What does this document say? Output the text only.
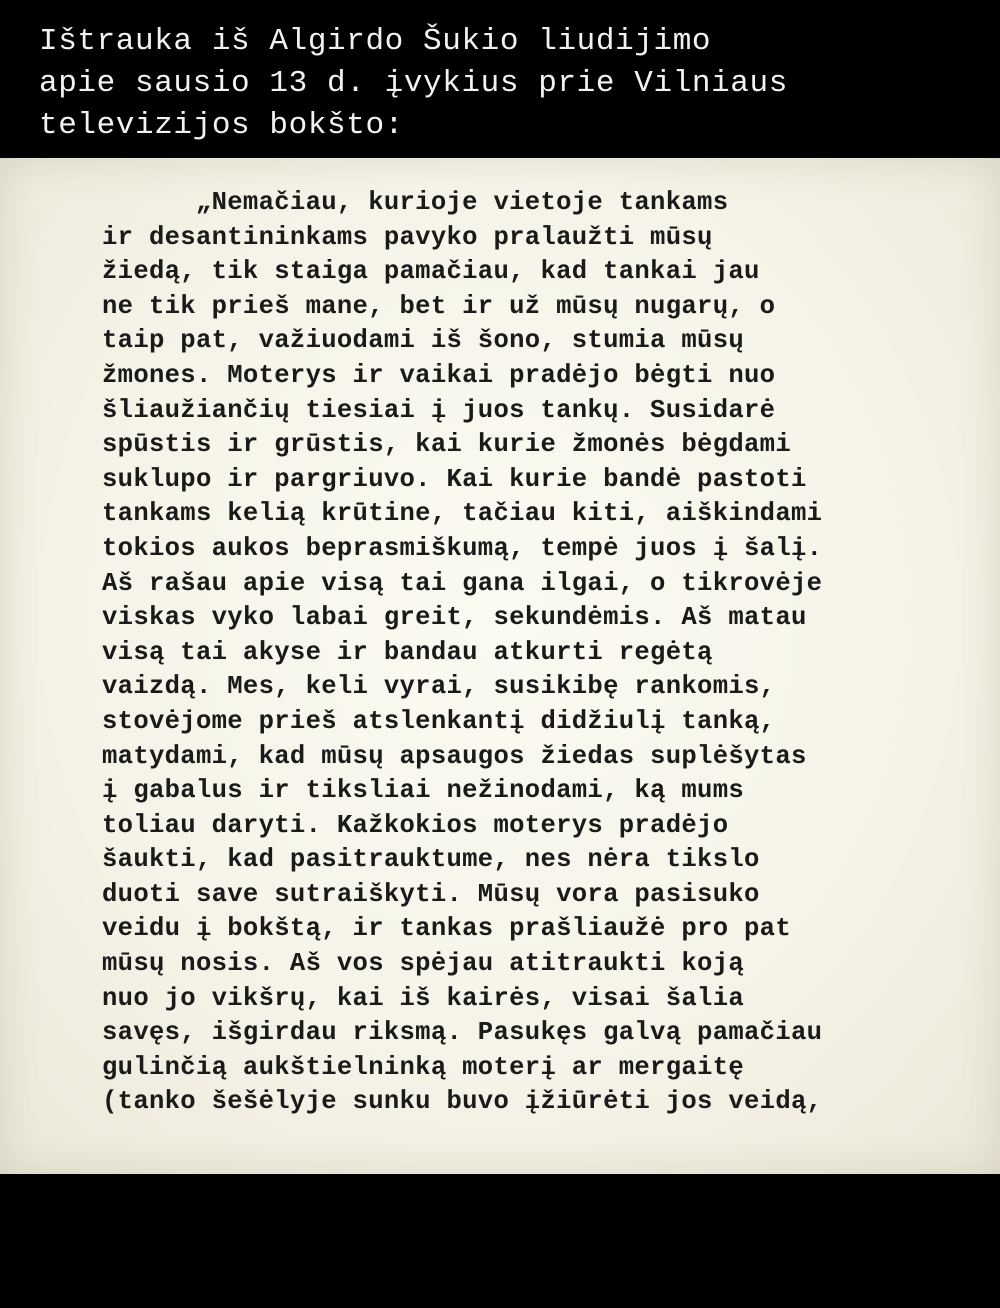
Ištrauka iš Algirdo Šukio liudijimo
apie sausio 13 d. įvykius prie Vilniaus
televizijos bokšto:
„Nemačiau, kurioje vietoje tankams
ir desantininkams pavyko pralaužti mūsų
žiedą, tik staiga pamačiau, kad tankai jau
ne tik prieš mane, bet ir už mūsų nugarų, o
taip pat, važiuodami iš šono, stumia mūsų
žmones. Moterys ir vaikai pradėjo bėgti nuo
šliaužiančių tiesiai į juos tankų. Susidarė
spūstis ir grūstis, kai kurie žmonės bėgdami
suklupo ir pargriuvo. Kai kurie bandė pastoti
tankams kelią krūtine, tačiau kiti, aiškindami
tokios aukos beprasmiškumą, tempė juos į šalį.
Aš rašau apie visą tai gana ilgai, o tikrovėje
viskas vyko labai greit, sekundėmis. Aš matau
visą tai akyse ir bandau atkurti regėtą
vaizdą. Mes, keli vyrai, susikibę rankomis,
stovėjome prieš atslenkantį didžiulį tanką,
matydami, kad mūsų apsaugos žiedas suplėšytas
į gabalus ir tiksliai nežinodami, ką mums
toliau daryti. Kažkokios moterys pradėjo
šaukti, kad pasitrauktume, nes nėra tikslo
duoti save sutraiškyti. Mūsų vora pasisuko
veidu į bokštą, ir tankas prašliaužė pro pat
mūsų nosis. Aš vos spėjau atitraukti koją
nuo jo vikšrų, kai iš kairės, visai šalia
savęs, išgirdau riksmą. Pasukęs galvą pamačiau
gulinčią aukštielninką moterį ar mergaitę
(tanko šešėlyje sunku buvo įžiūrėti jos veidą,
